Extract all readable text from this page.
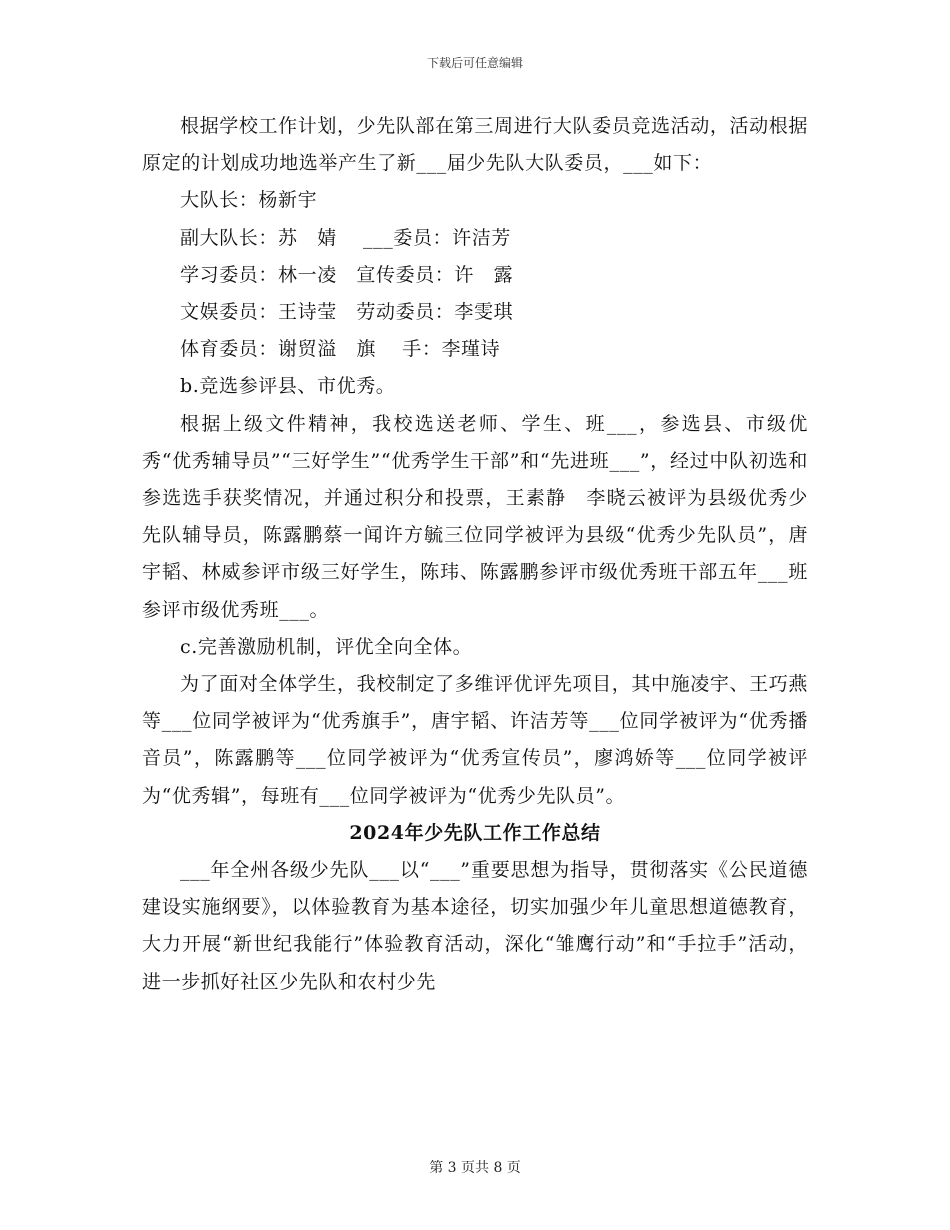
下载后可任意编辑

根据学校工作计划，少先队部在第三周进行大队委员竞选活动，活动根据原定的计划成功地选举产生了新___届少先队大队委员，___如下：

大队长：杨新宇

副大队长：苏　婧　 ___委员：许洁芳

学习委员：林一凌　宣传委员：许　露

文娱委员：王诗莹　劳动委员：李雯琪

体育委员：谢贸溢　旗　 手：李瑾诗

b.竞选参评县、市优秀。

根据上级文件精神，我校选送老师、学生、班___，参选县、市级优秀“优秀辅导员”“三好学生”“优秀学生干部”和“先进班___”，经过中队初选和参选选手获奖情况，并通过积分和投票，王素静　李晓云被评为县级优秀少先队辅导员，陈露鹏蔡一闻许方毓三位同学被评为县级“优秀少先队员”，唐宇韬、林威参评市级三好学生，陈玮、陈露鹏参评市级优秀班干部五年___班参评市级优秀班___。

c.完善激励机制，评优全向全体。

为了面对全体学生，我校制定了多维评优评先项目，其中施凌宇、王巧燕等___位同学被评为“优秀旗手”，唐宇韬、许洁芳等___位同学被评为“优秀播音员”，陈露鹏等___位同学被评为“优秀宣传员”，廖鸿娇等___位同学被评为“优秀辑”，每班有___位同学被评为“优秀少先队员”。

2024年少先队工作工作总结

___年全州各级少先队___以“___”重要思想为指导，贯彻落实《公民道德建设实施纲要》，以体验教育为基本途径，切实加强少年儿童思想道德教育，大力开展“新世纪我能行”体验教育活动，深化“雏鹰行动”和“手拉手”活动，进一步抓好社区少先队和农村少先

第 3 页共 8 页
